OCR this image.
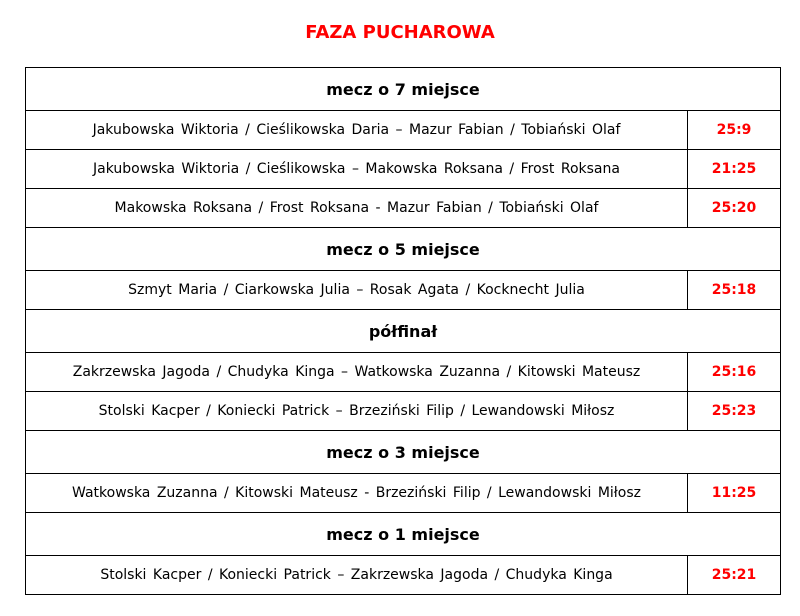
FAZA PUCHAROWA
mecz o 7 miejsce	
Jakubowska Wiktoria / Cieślikowska Daria – Mazur Fabian / Tobiański Olaf	25:9
Jakubowska Wiktoria / Cieślikowska – Makowska Roksana / Frost Roksana	21:25
Makowska Roksana / Frost Roksana - Mazur Fabian / Tobiański Olaf	25:20
mecz o 5 miejsce	
Szmyt Maria / Ciarkowska Julia – Rosak Agata / Kocknecht Julia	25:18
półfinał	
Zakrzewska Jagoda / Chudyka Kinga – Watkowska Zuzanna / Kitowski Mateusz	25:16
Stolski Kacper / Koniecki Patrick – Brzeziński Filip / Lewandowski Miłosz	25:23
mecz o 3 miejsce	
Watkowska Zuzanna / Kitowski Mateusz - Brzeziński Filip / Lewandowski Miłosz	11:25
mecz o 1 miejsce	
Stolski Kacper / Koniecki Patrick – Zakrzewska Jagoda / Chudyka Kinga	25:21
